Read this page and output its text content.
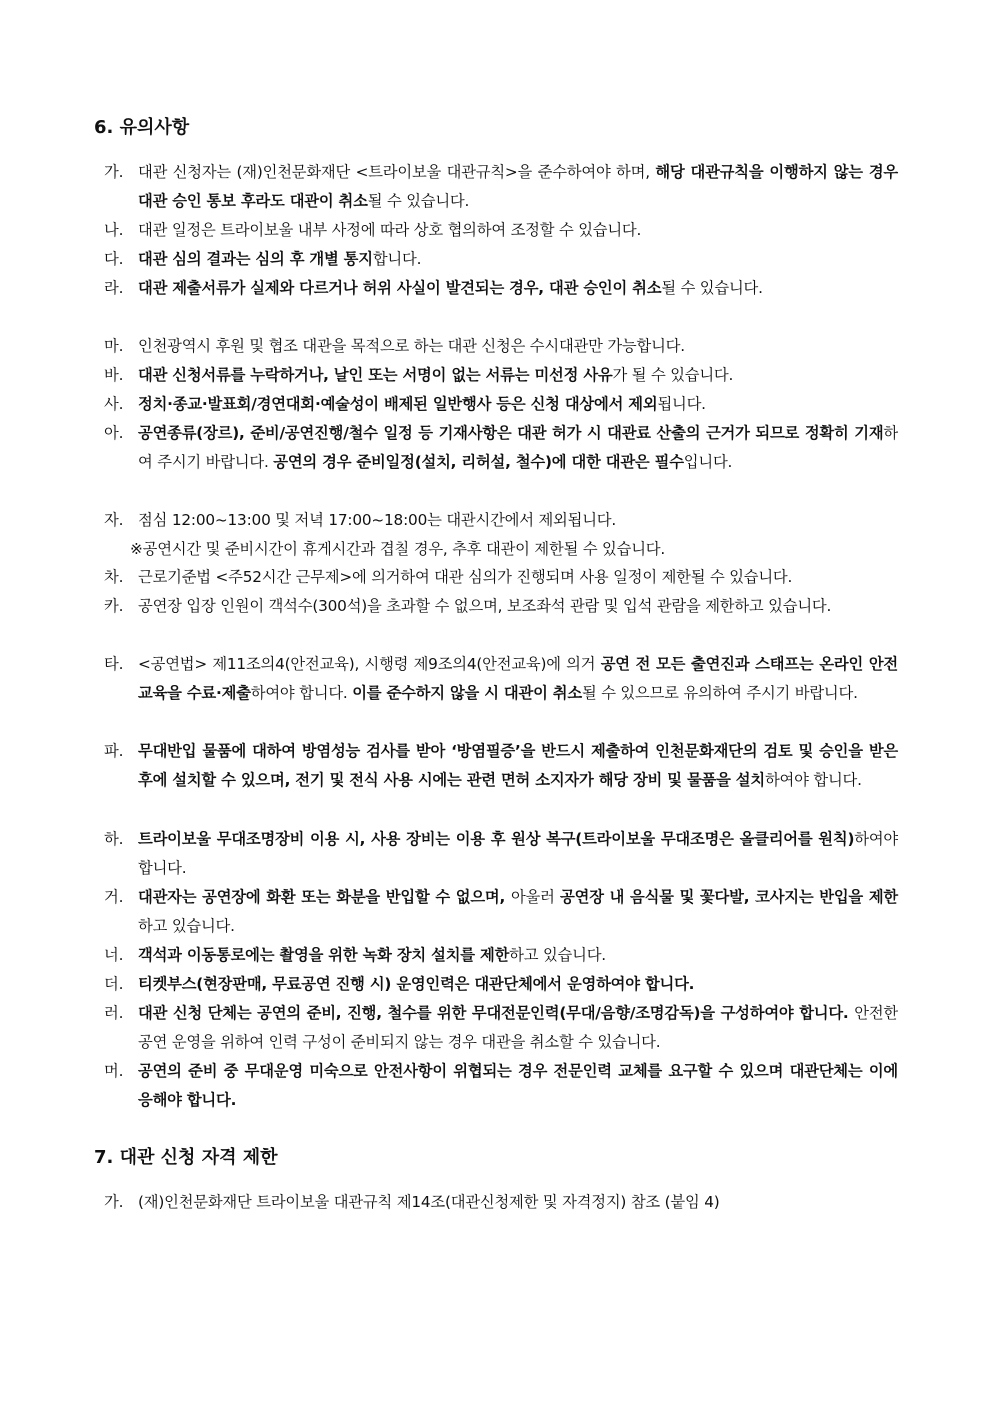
6. 유의사항
가. 대관 신청자는 (재)인천문화재단 <트라이보울 대관규칙>을 준수하여야 하며, 해당 대관규칙을 이행하지 않는 경우 대관 승인 통보 후라도 대관이 취소될 수 있습니다.
나. 대관 일정은 트라이보울 내부 사정에 따라 상호 협의하여 조정할 수 있습니다.
다. 대관 심의 결과는 심의 후 개별 통지합니다.
라. 대관 제출서류가 실제와 다르거나 허위 사실이 발견되는 경우, 대관 승인이 취소될 수 있습니다.
마. 인천광역시 후원 및 협조 대관을 목적으로 하는 대관 신청은 수시대관만 가능합니다.
바. 대관 신청서류를 누락하거나, 날인 또는 서명이 없는 서류는 미선정 사유가 될 수 있습니다.
사. 정치·종교·발표회/경연대회·예술성이 배제된 일반행사 등은 신청 대상에서 제외됩니다.
아. 공연종류(장르), 준비/공연진행/철수 일정 등 기재사항은 대관 허가 시 대관료 산출의 근거가 되므로 정확히 기재하여 주시기 바랍니다. 공연의 경우 준비일정(설치, 리허설, 철수)에 대한 대관은 필수입니다.
자. 점심 12:00~13:00 및 저녁 17:00~18:00는 대관시간에서 제외됩니다.
※공연시간 및 준비시간이 휴게시간과 겹칠 경우, 추후 대관이 제한될 수 있습니다.
차. 근로기준법 <주52시간 근무제>에 의거하여 대관 심의가 진행되며 사용 일정이 제한될 수 있습니다.
카. 공연장 입장 인원이 객석수(300석)을 초과할 수 없으며, 보조좌석 관람 및 입석 관람을 제한하고 있습니다.
타. <공연법> 제11조의4(안전교육), 시행령 제9조의4(안전교육)에 의거 공연 전 모든 출연진과 스태프는 온라인 안전교육을 수료·제출하여야 합니다. 이를 준수하지 않을 시 대관이 취소될 수 있으므로 유의하여 주시기 바랍니다.
파. 무대반입 물품에 대하여 방염성능 검사를 받아 ‘방염필증’을 반드시 제출하여 인천문화재단의 검토 및 승인을 받은 후에 설치할 수 있으며, 전기 및 전식 사용 시에는 관련 면허 소지자가 해당 장비 및 물품을 설치하여야 합니다.
하. 트라이보울 무대조명장비 이용 시, 사용 장비는 이용 후 원상 복구(트라이보울 무대조명은 올클리어를 원칙)하여야 합니다.
거. 대관자는 공연장에 화환 또는 화분을 반입할 수 없으며, 아울러 공연장 내 음식물 및 꽃다발, 코사지는 반입을 제한하고 있습니다.
너. 객석과 이동통로에는 촬영을 위한 녹화 장치 설치를 제한하고 있습니다.
더. 티켓부스(현장판매, 무료공연 진행 시) 운영인력은 대관단체에서 운영하여야 합니다.
러. 대관 신청 단체는 공연의 준비, 진행, 철수를 위한 무대전문인력(무대/음향/조명감독)을 구성하여야 합니다. 안전한 공연 운영을 위하여 인력 구성이 준비되지 않는 경우 대관을 취소할 수 있습니다.
머. 공연의 준비 중 무대운영 미숙으로 안전사항이 위협되는 경우 전문인력 교체를 요구할 수 있으며 대관단체는 이에 응해야 합니다.
7. 대관 신청 자격 제한
가. (재)인천문화재단 트라이보울 대관규칙 제14조(대관신청제한 및 자격정지) 참조 (붙임 4)
